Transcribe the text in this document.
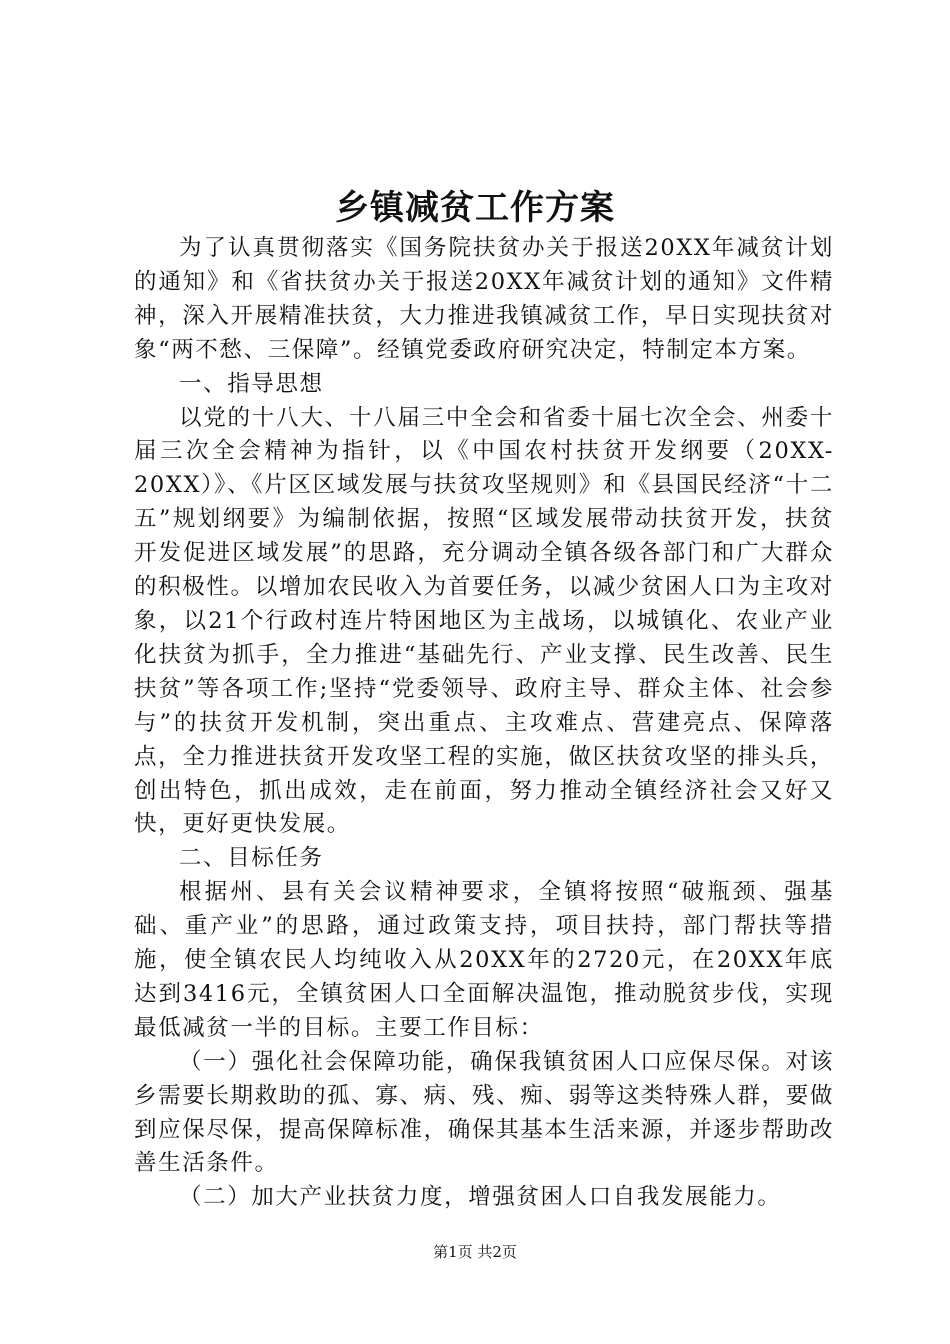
乡镇减贫工作方案

为了认真贯彻落实《国务院扶贫办关于报送20XX年减贫计划的通知》和《省扶贫办关于报送20XX年减贫计划的通知》文件精神，深入开展精准扶贫，大力推进我镇减贫工作，早日实现扶贫对象“两不愁、三保障”。经镇党委政府研究决定，特制定本方案。

一、指导思想

以党的十八大、十八届三中全会和省委十届七次全会、州委十届三次全会精神为指针，以《中国农村扶贫开发纲要（20XX-20XX）》、《片区区域发展与扶贫攻坚规则》和《县国民经济“十二五”规划纲要》为编制依据，按照“区域发展带动扶贫开发，扶贫开发促进区域发展”的思路，充分调动全镇各级各部门和广大群众的积极性。以增加农民收入为首要任务，以减少贫困人口为主攻对象，以21个行政村连片特困地区为主战场，以城镇化、农业产业化扶贫为抓手，全力推进“基础先行、产业支撑、民生改善、民生扶贫”等各项工作;坚持“党委领导、政府主导、群众主体、社会参与”的扶贫开发机制，突出重点、主攻难点、营建亮点、保障落点，全力推进扶贫开发攻坚工程的实施，做区扶贫攻坚的排头兵，创出特色，抓出成效，走在前面，努力推动全镇经济社会又好又快，更好更快发展。

二、目标任务

根据州、县有关会议精神要求，全镇将按照“破瓶颈、强基础、重产业”的思路，通过政策支持，项目扶持，部门帮扶等措施，使全镇农民人均纯收入从20XX年的2720元，在20XX年底达到3416元，全镇贫困人口全面解决温饱，推动脱贫步伐，实现最低减贫一半的目标。主要工作目标：

（一）强化社会保障功能，确保我镇贫困人口应保尽保。对该乡需要长期救助的孤、寡、病、残、痴、弱等这类特殊人群，要做到应保尽保，提高保障标准，确保其基本生活来源，并逐步帮助改善生活条件。

（二）加大产业扶贫力度，增强贫困人口自我发展能力。

第1页 共2页
